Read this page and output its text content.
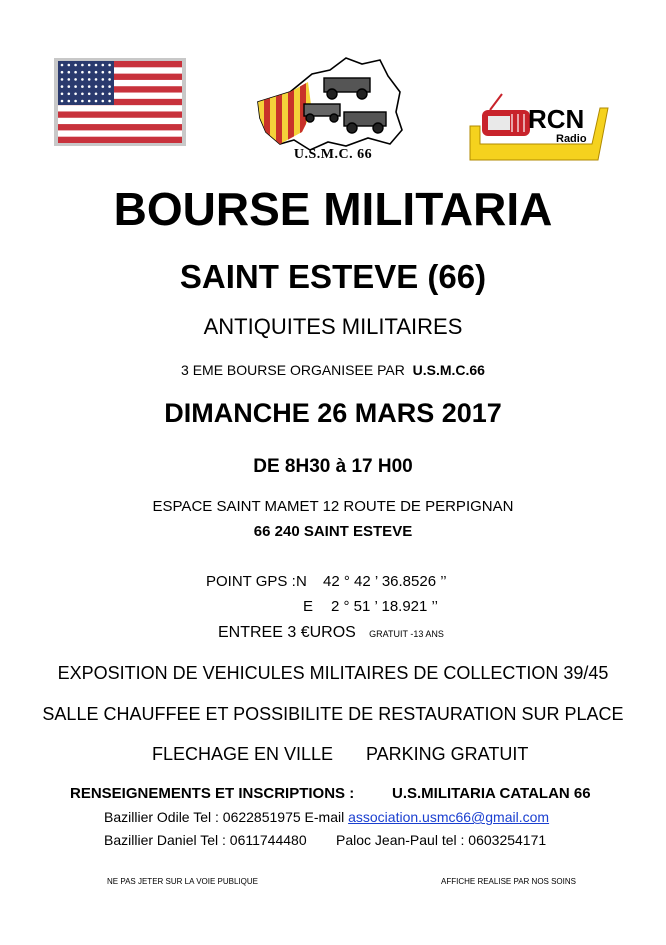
U.S.M.C. 66
RCN
Radio
BOURSE MILITARIA
SAINT ESTEVE (66)
ANTIQUITES MILITAIRES
3 EME BOURSE ORGANISEE PAR U.S.M.C.66
DIMANCHE 26 MARS 2017
DE 8H30 à 17 H00
ESPACE SAINT MAMET 12 ROUTE DE PERPIGNAN
66 240 SAINT ESTEVE
POINT GPS : N 42 ° 42 ’ 36.8526 ’’
E 2 ° 51 ’ 18.921 ’’
ENTREE 3 €UROS GRATUIT -13 ANS
EXPOSITION DE VEHICULES MILITAIRES DE COLLECTION 39/45
SALLE CHAUFFEE ET POSSIBILITE DE RESTAURATION SUR PLACE
FLECHAGE EN VILLE PARKING GRATUIT
RENSEIGNEMENTS ET INSCRIPTIONS :	U.S.MILITARIA CATALAN 66
Bazillier Odile Tel : 0622851975 E-mail association.usmc66@gmail.com
Bazillier Daniel Tel : 0611744480 Paloc Jean-Paul tel : 0603254171
NE PAS JETER SUR LA VOIE PUBLIQUE	AFFICHE REALISE PAR NOS SOINS
